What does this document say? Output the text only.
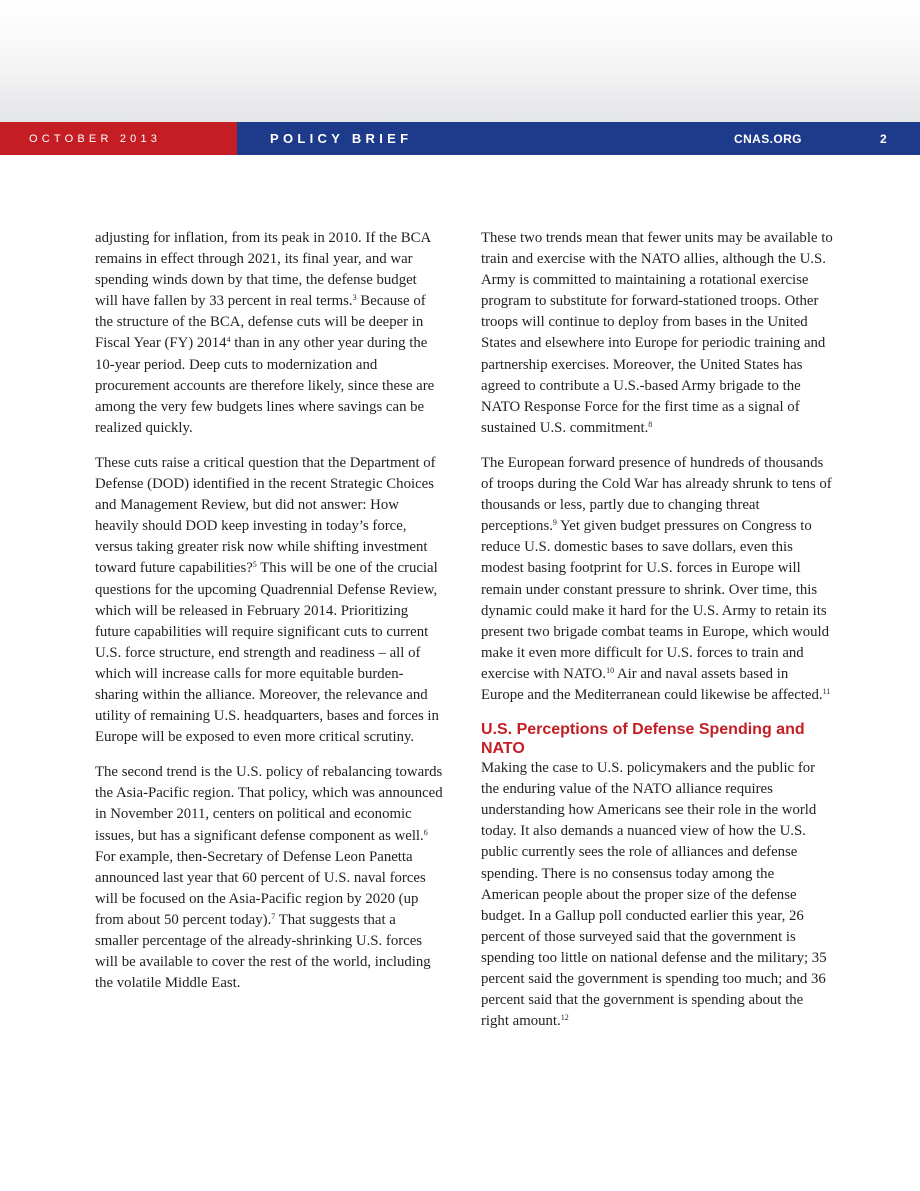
OCTOBER 2013	POLICY BRIEF	CNAS.ORG	2

adjusting for inflation, from its peak in 2010. If the BCA remains in effect through 2021, its final year, and war spending winds down by that time, the defense budget will have fallen by 33 percent in real terms.$^3$ Because of the structure of the BCA, defense cuts will be deeper in Fiscal Year (FY) 2014$^4$ than in any other year during the 10-year period. Deep cuts to modernization and procurement accounts are therefore likely, since these are among the very few budgets lines where savings can be realized quickly.

These cuts raise a critical question that the Department of Defense (DOD) identified in the recent Strategic Choices and Management Review, but did not answer: How heavily should DOD keep investing in today’s force, versus taking greater risk now while shifting investment toward future capabilities?$^5$ This will be one of the crucial questions for the upcoming Quadrennial Defense Review, which will be released in February 2014. Prioritizing future capabilities will require significant cuts to current U.S. force structure, end strength and readiness – all of which will increase calls for more equitable burden-sharing within the alliance. Moreover, the relevance and utility of remaining U.S. headquarters, bases and forces in Europe will be exposed to even more critical scrutiny.

The second trend is the U.S. policy of rebalancing towards the Asia-Pacific region. That policy, which was announced in November 2011, centers on political and economic issues, but has a significant defense component as well.$^6$ For example, then-Secretary of Defense Leon Panetta announced last year that 60 percent of U.S. naval forces will be focused on the Asia-Pacific region by 2020 (up from about 50 percent today).$^7$ That suggests that a smaller percentage of the already-shrinking U.S. forces will be available to cover the rest of the world, including the volatile Middle East.

These two trends mean that fewer units may be available to train and exercise with the NATO allies, although the U.S. Army is committed to maintaining a rotational exercise program to substitute for forward-stationed troops. Other troops will continue to deploy from bases in the United States and elsewhere into Europe for periodic training and partnership exercises. Moreover, the United States has agreed to contribute a U.S.-based Army brigade to the NATO Response Force for the first time as a signal of sustained U.S. commitment.$^8$

The European forward presence of hundreds of thousands of troops during the Cold War has already shrunk to tens of thousands or less, partly due to changing threat perceptions.$^9$ Yet given budget pressures on Congress to reduce U.S. domestic bases to save dollars, even this modest basing footprint for U.S. forces in Europe will remain under constant pressure to shrink. Over time, this dynamic could make it hard for the U.S. Army to retain its present two brigade combat teams in Europe, which would make it even more difficult for U.S. forces to train and exercise with NATO.$^{10}$ Air and naval assets based in Europe and the Mediterranean could likewise be affected.$^{11}$

U.S. Perceptions of Defense Spending and NATO

Making the case to U.S. policymakers and the public for the enduring value of the NATO alliance requires understanding how Americans see their role in the world today. It also demands a nuanced view of how the U.S. public currently sees the role of alliances and defense spending. There is no consensus today among the American people about the proper size of the defense budget. In a Gallup poll conducted earlier this year, 26 percent of those surveyed said that the government is spending too little on national defense and the military; 35 percent said the government is spending too much; and 36 percent said that the government is spending about the right amount.$^{12}$
